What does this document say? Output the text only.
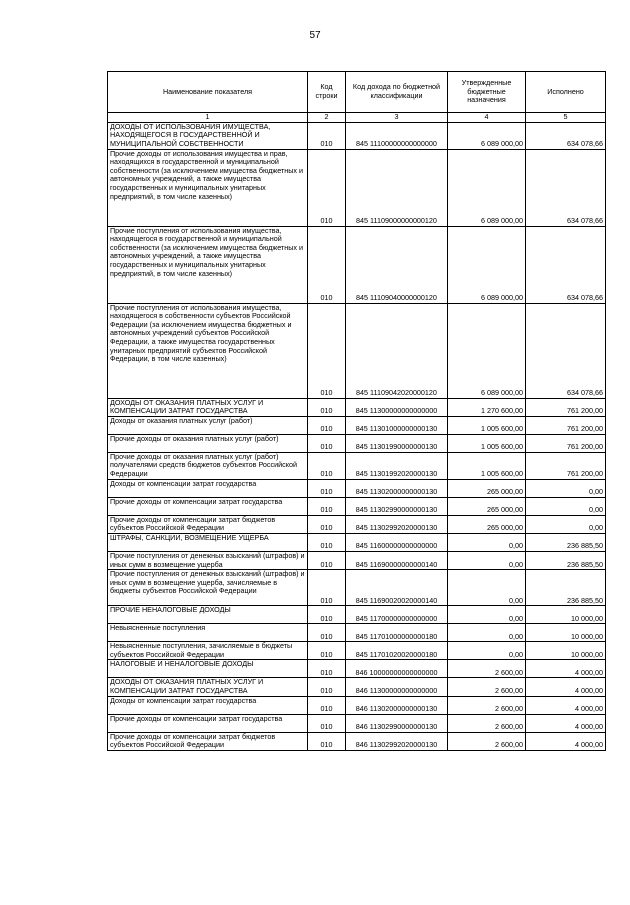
57
Наименование показателя	Код строки	Код дохода по бюджетной классификации	Утвержденные бюджетные назначения	Исполнено
1	2	3	4	5
ДОХОДЫ ОТ ИСПОЛЬЗОВАНИЯ ИМУЩЕСТВА, НАХОДЯЩЕГОСЯ В ГОСУДАРСТВЕННОЙ И МУНИЦИПАЛЬНОЙ СОБСТВЕННОСТИ	010	845 11100000000000000	6 089 000,00	634 078,66
Прочие доходы от использования имущества и прав, находящихся в государственной и муниципальной собственности (за исключением имущества бюджетных и автономных учреждений, а также имущества государственных и муниципальных унитарных предприятий, в том числе казенных)	010	845 11109000000000120	6 089 000,00	634 078,66
Прочие поступления от использования имущества, находящегося в государственной и муниципальной собственности (за исключением имущества бюджетных и автономных учреждений, а также имущества государственных и муниципальных унитарных предприятий, в том числе казенных)	010	845 11109040000000120	6 089 000,00	634 078,66
Прочие поступления от использования имущества, находящегося в собственности субъектов Российской Федерации (за исключением имущества бюджетных и автономных учреждений субъектов Российской Федерации, а также имущества государственных унитарных предприятий субъектов Российской Федерации, в том числе казенных)	010	845 11109042020000120	6 089 000,00	634 078,66
ДОХОДЫ ОТ ОКАЗАНИЯ ПЛАТНЫХ УСЛУГ И КОМПЕНСАЦИИ ЗАТРАТ ГОСУДАРСТВА	010	845 11300000000000000	1 270 600,00	761 200,00
Доходы от оказания платных услуг (работ)	010	845 11301000000000130	1 005 600,00	761 200,00
Прочие доходы от оказания платных услуг (работ)	010	845 11301990000000130	1 005 600,00	761 200,00
Прочие доходы от оказания платных услуг (работ) получателями средств бюджетов субъектов Российской Федерации	010	845 11301992020000130	1 005 600,00	761 200,00
Доходы от компенсации затрат государства	010	845 11302000000000130	265 000,00	0,00
Прочие доходы от компенсации затрат государства	010	845 11302990000000130	265 000,00	0,00
Прочие доходы от компенсации затрат бюджетов субъектов Российской Федерации	010	845 11302992020000130	265 000,00	0,00
ШТРАФЫ, САНКЦИИ, ВОЗМЕЩЕНИЕ УЩЕРБА	010	845 11600000000000000	0,00	236 885,50
Прочие поступления от денежных взысканий (штрафов) и иных сумм в возмещение ущерба	010	845 11690000000000140	0,00	236 885,50
Прочие поступления от денежных взысканий (штрафов) и иных сумм в возмещение ущерба, зачисляемые в бюджеты субъектов Российской Федерации	010	845 11690020020000140	0,00	236 885,50
ПРОЧИЕ НЕНАЛОГОВЫЕ ДОХОДЫ	010	845 11700000000000000	0,00	10 000,00
Невыясненные поступления	010	845 11701000000000180	0,00	10 000,00
Невыясненные поступления, зачисляемые в бюджеты субъектов Российской Федерации	010	845 11701020020000180	0,00	10 000,00
НАЛОГОВЫЕ И НЕНАЛОГОВЫЕ ДОХОДЫ	010	846 10000000000000000	2 600,00	4 000,00
ДОХОДЫ ОТ ОКАЗАНИЯ ПЛАТНЫХ УСЛУГ И КОМПЕНСАЦИИ ЗАТРАТ ГОСУДАРСТВА	010	846 11300000000000000	2 600,00	4 000,00
Доходы от компенсации затрат государства	010	846 11302000000000130	2 600,00	4 000,00
Прочие доходы от компенсации затрат государства	010	846 11302990000000130	2 600,00	4 000,00
Прочие доходы от компенсации затрат бюджетов субъектов Российской Федерации	010	846 11302992020000130	2 600,00	4 000,00
